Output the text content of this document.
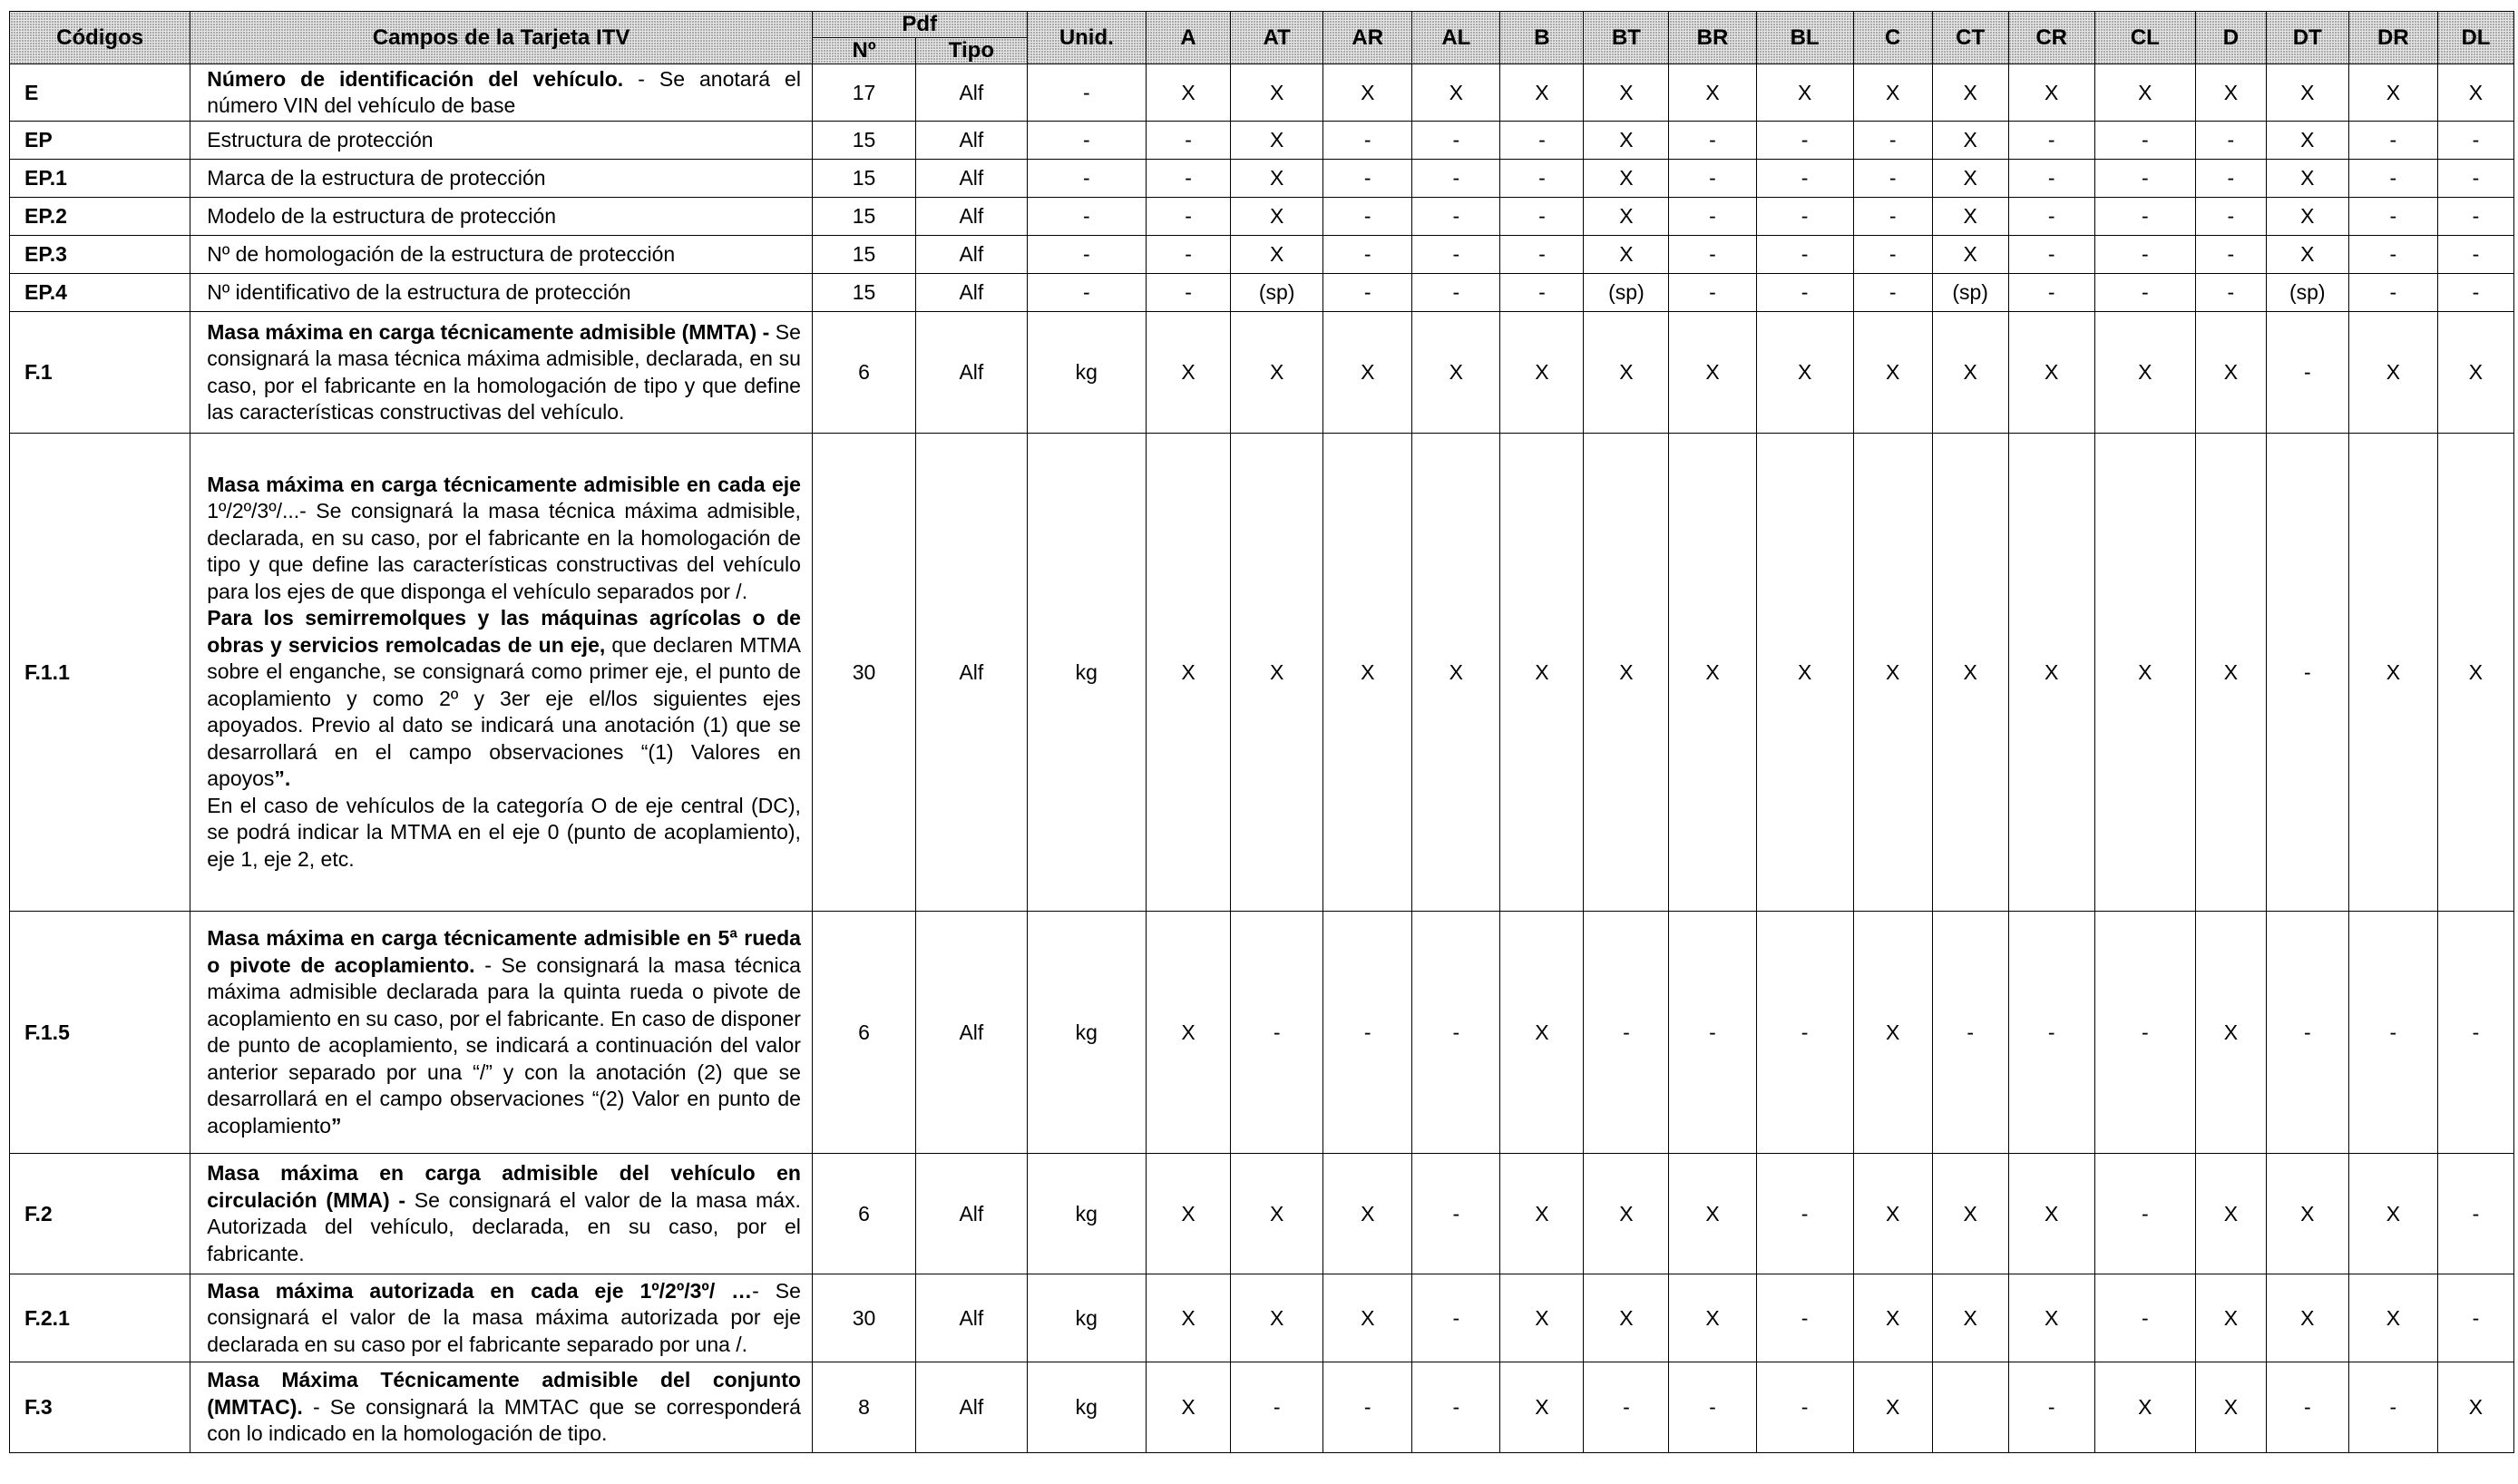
Códigos	Campos de la Tarjeta ITV	Pdf		Unid.	A	AT	AR	AL	B	BT	BR	BL	C	CT	CR	CL	D	DT	DR	DL
		Nº	Tipo																	
E	Número de identificación del vehículo. - Se anotará el número VIN del vehículo de base	17	Alf	-	X	X	X	X	X	X	X	X	X	X	X	X	X	X	X	X
EP	Estructura de protección	15	Alf	-	-	X	-	-	-	X	-	-	-	X	-	-	-	X	-	-
EP.1	Marca de la estructura de protección	15	Alf	-	-	X	-	-	-	X	-	-	-	X	-	-	-	X	-	-
EP.2	Modelo de la estructura de protección	15	Alf	-	-	X	-	-	-	X	-	-	-	X	-	-	-	X	-	-
EP.3	Nº de homologación de la estructura de protección	15	Alf	-	-	X	-	-	-	X	-	-	-	X	-	-	-	X	-	-
EP.4	Nº identificativo de la estructura de protección	15	Alf	-	-	(sp)	-	-	-	(sp)	-	-	-	(sp)	-	-	-	(sp)	-	-
F.1	Masa máxima en carga técnicamente admisible (MMTA) - Se consignará la masa técnica máxima admisible, declarada, en su caso, por el fabricante en la homologación de tipo y que define las características constructivas del vehículo.	6	Alf	kg	X	X	X	X	X	X	X	X	X	X	X	X	X	-	X	X
F.1.1	Masa máxima en carga técnicamente admisible en cada eje 1º/2º/3º/...- Se consignará la masa técnica máxima admisible, declarada, en su caso, por el fabricante en la homologación de tipo y que define las características constructivas del vehículo para los ejes de que disponga el vehículo separados por /.
Para los semirremolques y las máquinas agrícolas o de obras y servicios remolcadas de un eje, que declaren MTMA sobre el enganche, se consignará como primer eje, el punto de acoplamiento y como 2º y 3er eje el/los siguientes ejes apoyados. Previo al dato se indicará una anotación (1) que se desarrollará en el campo observaciones “(1) Valores en apoyos”.
En el caso de vehículos de la categoría O de eje central (DC), se podrá indicar la MTMA en el eje 0 (punto de acoplamiento), eje 1, eje 2, etc.	30	Alf	kg	X	X	X	X	X	X	X	X	X	X	X	X	X	-	X	X
F.1.5	Masa máxima en carga técnicamente admisible en 5ª rueda o pivote de acoplamiento. - Se consignará la masa técnica máxima admisible declarada para la quinta rueda o pivote de acoplamiento en su caso, por el fabricante. En caso de disponer de punto de acoplamiento, se indicará a continuación del valor anterior separado por una “/” y con la anotación (2) que se desarrollará en el campo observaciones “(2) Valor en punto de acoplamiento”	6	Alf	kg	X	-	-	-	X	-	-	-	X	-	-	-	X	-	-	-
F.2	Masa máxima en carga admisible del vehículo en circulación (MMA) - Se consignará el valor de la masa máx. Autorizada del vehículo, declarada, en su caso, por el fabricante.	6	Alf	kg	X	X	X	-	X	X	X	-	X	X	X	-	X	X	X	-
F.2.1	Masa máxima autorizada en cada eje 1º/2º/3º/ …- Se consignará el valor de la masa máxima autorizada por eje declarada en su caso por el fabricante separado por una /.	30	Alf	kg	X	X	X	-	X	X	X	-	X	X	X	-	X	X	X	-
F.3	Masa Máxima Técnicamente admisible del conjunto (MMTAC). - Se consignará la MMTAC que se corresponderá con lo indicado en la homologación de tipo.	8	Alf	kg	X	-	-	-	X	-	-	-	X		-	X	X	-	-	X
